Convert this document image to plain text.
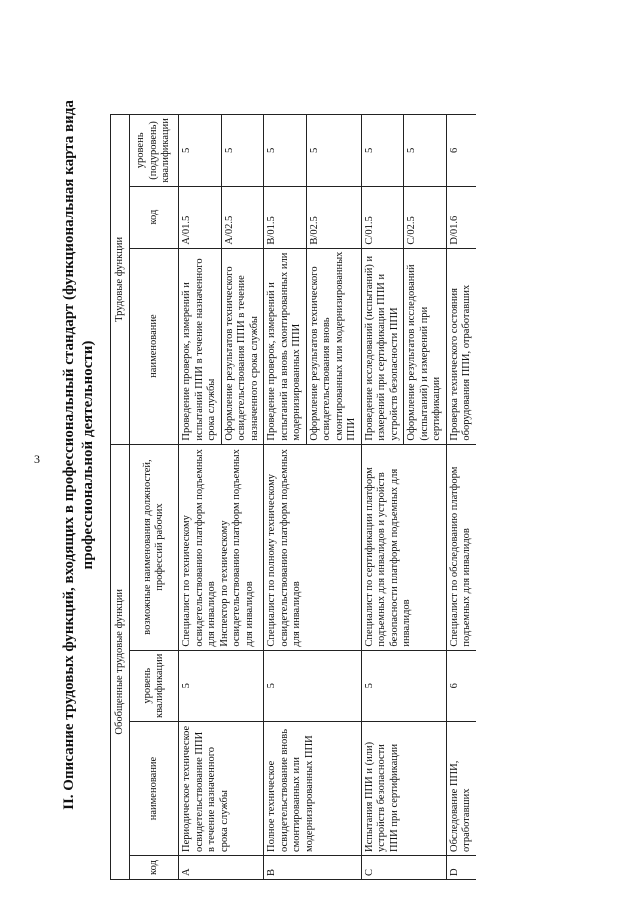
3 II. Описание трудовых функций, входящих в профессиональный стандарт (функциональная карта вида профессиональной деятельности)
Обобщенные трудовые функции				Трудовые функции		
код	наименование	уровень квалификации	возможные наименования должностей, профессий рабочих	наименование	код	уровень (подуровень) квалификации
A	Периодическое техническое освидетельствование ППИ в течение назначенного срока службы	5	Специалист по техническому освидетельствованию платформ подъемных для инвалидов Инспектор по техническому освидетельствованию платформ подъемных для инвалидов	Проведение проверок, измерений и испытаний ППИ в течение назначенного срока службы	A/01.5	5
				Оформление результатов технического освидетельствования ППИ в течение назначенного срока службы	A/02.5	5
B	Полное техническое освидетельствование вновь смонтированных или модернизированных ППИ	5	Специалист по полному техническому освидетельствованию платформ подъемных для инвалидов	Проведение проверок, измерений и испытаний на вновь смонтированных или модернизированных ППИ	B/01.5	5
				Оформление результатов технического освидетельствования вновь смонтированных или модернизированных ППИ	B/02.5	5
C	Испытания ППИ и (или) устройств безопасности ППИ при сертификации	5	Специалист по сертификации платформ подъемных для инвалидов и устройств безопасности платформ подъемных для инвалидов	Проведение исследований (испытаний) и измерений при сертификации ППИ и устройств безопасности ППИ	C/01.5	5
				Оформление результатов исследований (испытаний) и измерений при сертификации	C/02.5	5
D	Обследование ППИ, отработавших	6	Специалист по обследованию платформ подъемных для инвалидов	Проверка технического состояния оборудования ППИ, отработавших	D/01.6	6
